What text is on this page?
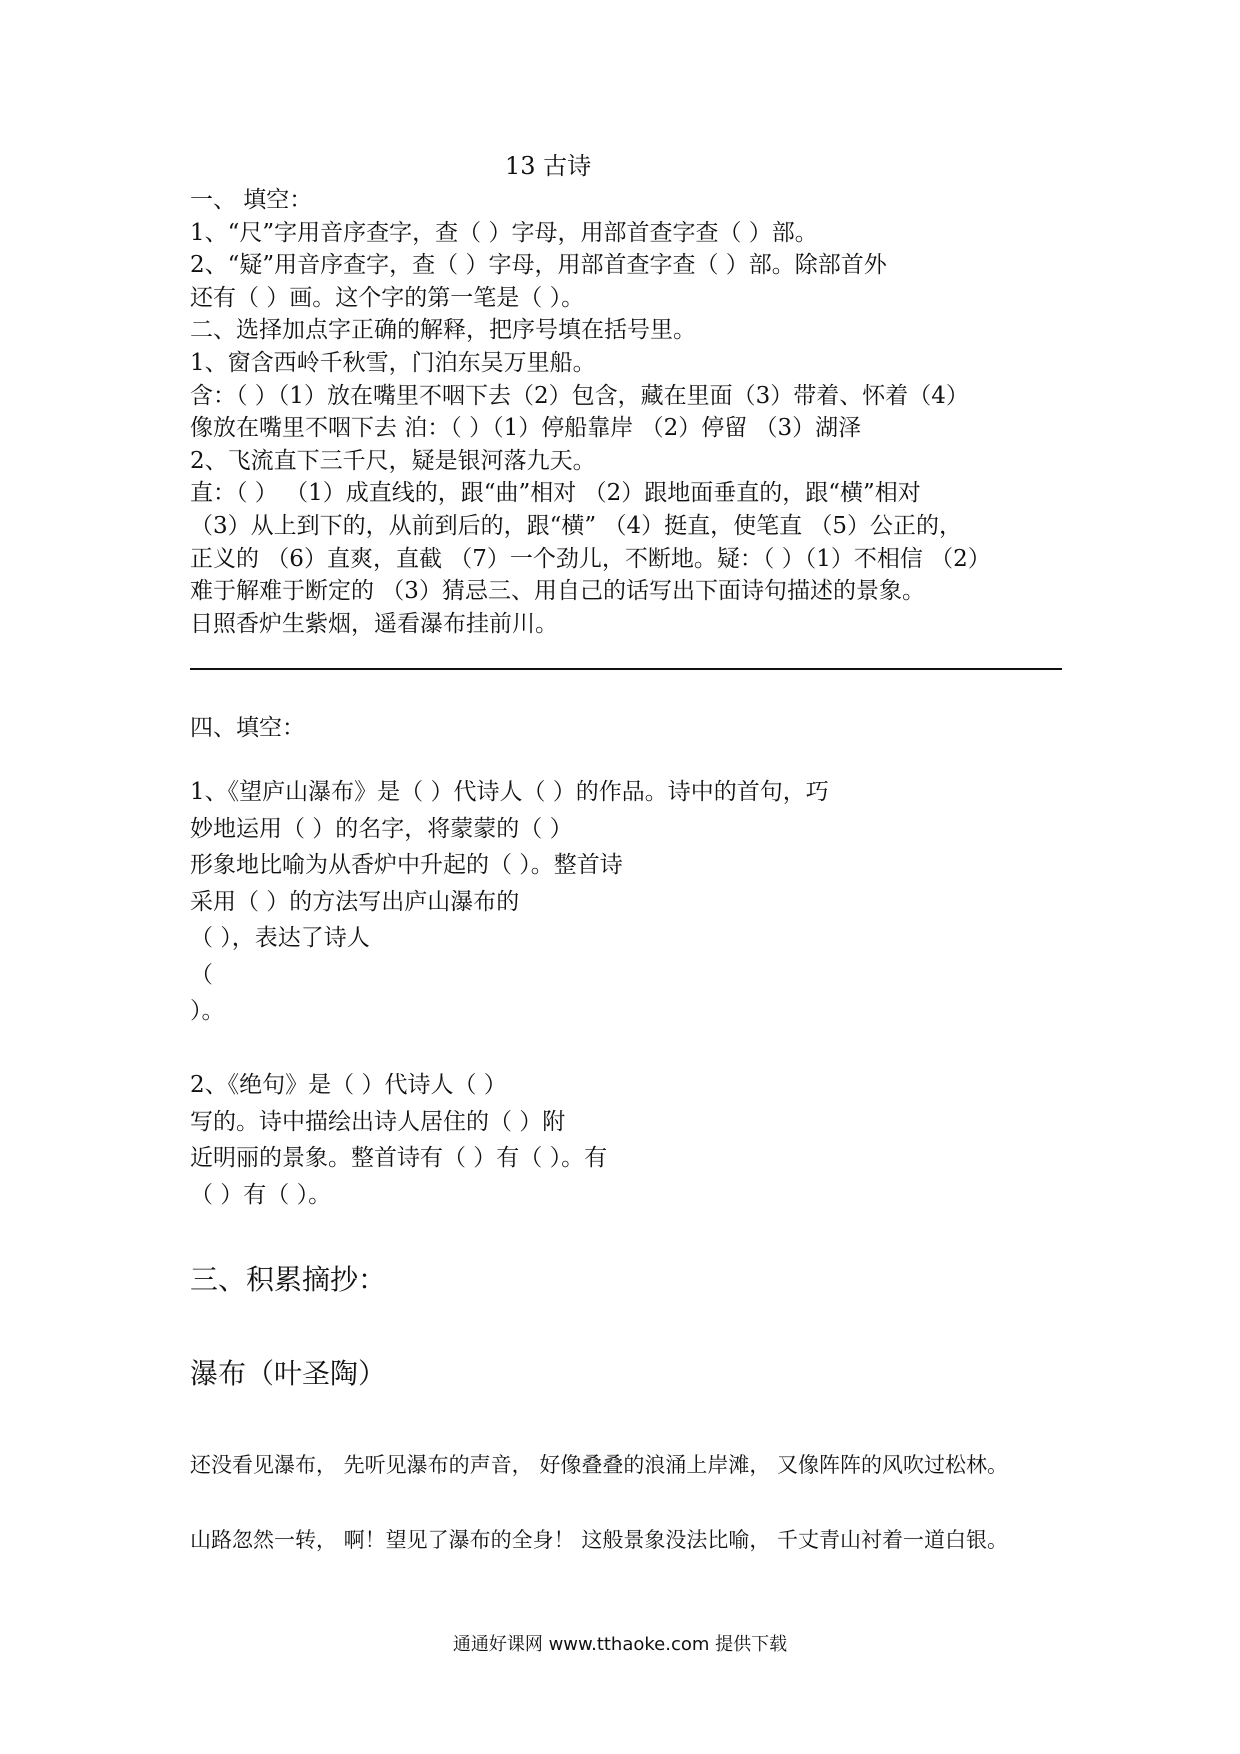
13 古诗

一、 填空：

1、“尺”字用音序查字，查（ ）字母，用部首查字查（ ）部。

2、“疑”用音序查字，查（ ）字母，用部首查字查（ ）部。除部首外

还有（ ）画。这个字的第一笔是（ ）。

二、选择加点字正确的解释，把序号填在括号里。

1、窗含西岭千秋雪，门泊东吴万里船。

含：（ ）（1）放在嘴里不咽下去（2）包含，藏在里面（3）带着、怀着（4）

像放在嘴里不咽下去 泊：（ ）（1）停船靠岸 （2）停留 （3）湖泽

2、飞流直下三千尺，疑是银河落九天。

直：（ ） （1）成直线的，跟“曲”相对 （2）跟地面垂直的，跟“横”相对

（3）从上到下的，从前到后的，跟“横” （4）挺直，使笔直 （5）公正的，

正义的 （6）直爽，直截 （7）一个劲儿，不断地。疑：（ ）（1）不相信 （2）

难于解难于断定的 （3）猜忌三、用自己的话写出下面诗句描述的景象。

日照香炉生紫烟，遥看瀑布挂前川。

四、填空：

1、《望庐山瀑布》是（ ）代诗人（ ）的作品。诗中的首句，巧

妙地运用（ ）的名字，将蒙蒙的（ ）

形象地比喻为从香炉中升起的（ ）。整首诗

采用（ ）的方法写出庐山瀑布的

（ ），表达了诗人

（

）。

2、《绝句》是（ ）代诗人（ ）

写的。诗中描绘出诗人居住的（ ）附

近明丽的景象。整首诗有（ ）有（ ）。有

（ ）有（ ）。

三、积累摘抄：
瀑布（叶圣陶）
还没看见瀑布， 先听见瀑布的声音， 好像叠叠的浪涌上岸滩， 又像阵阵的风吹过松林。
山路忽然一转， 啊！望见了瀑布的全身！ 这般景象没法比喻， 千丈青山衬着一道白银。
通通好课网 www.tthaoke.com 提供下载
